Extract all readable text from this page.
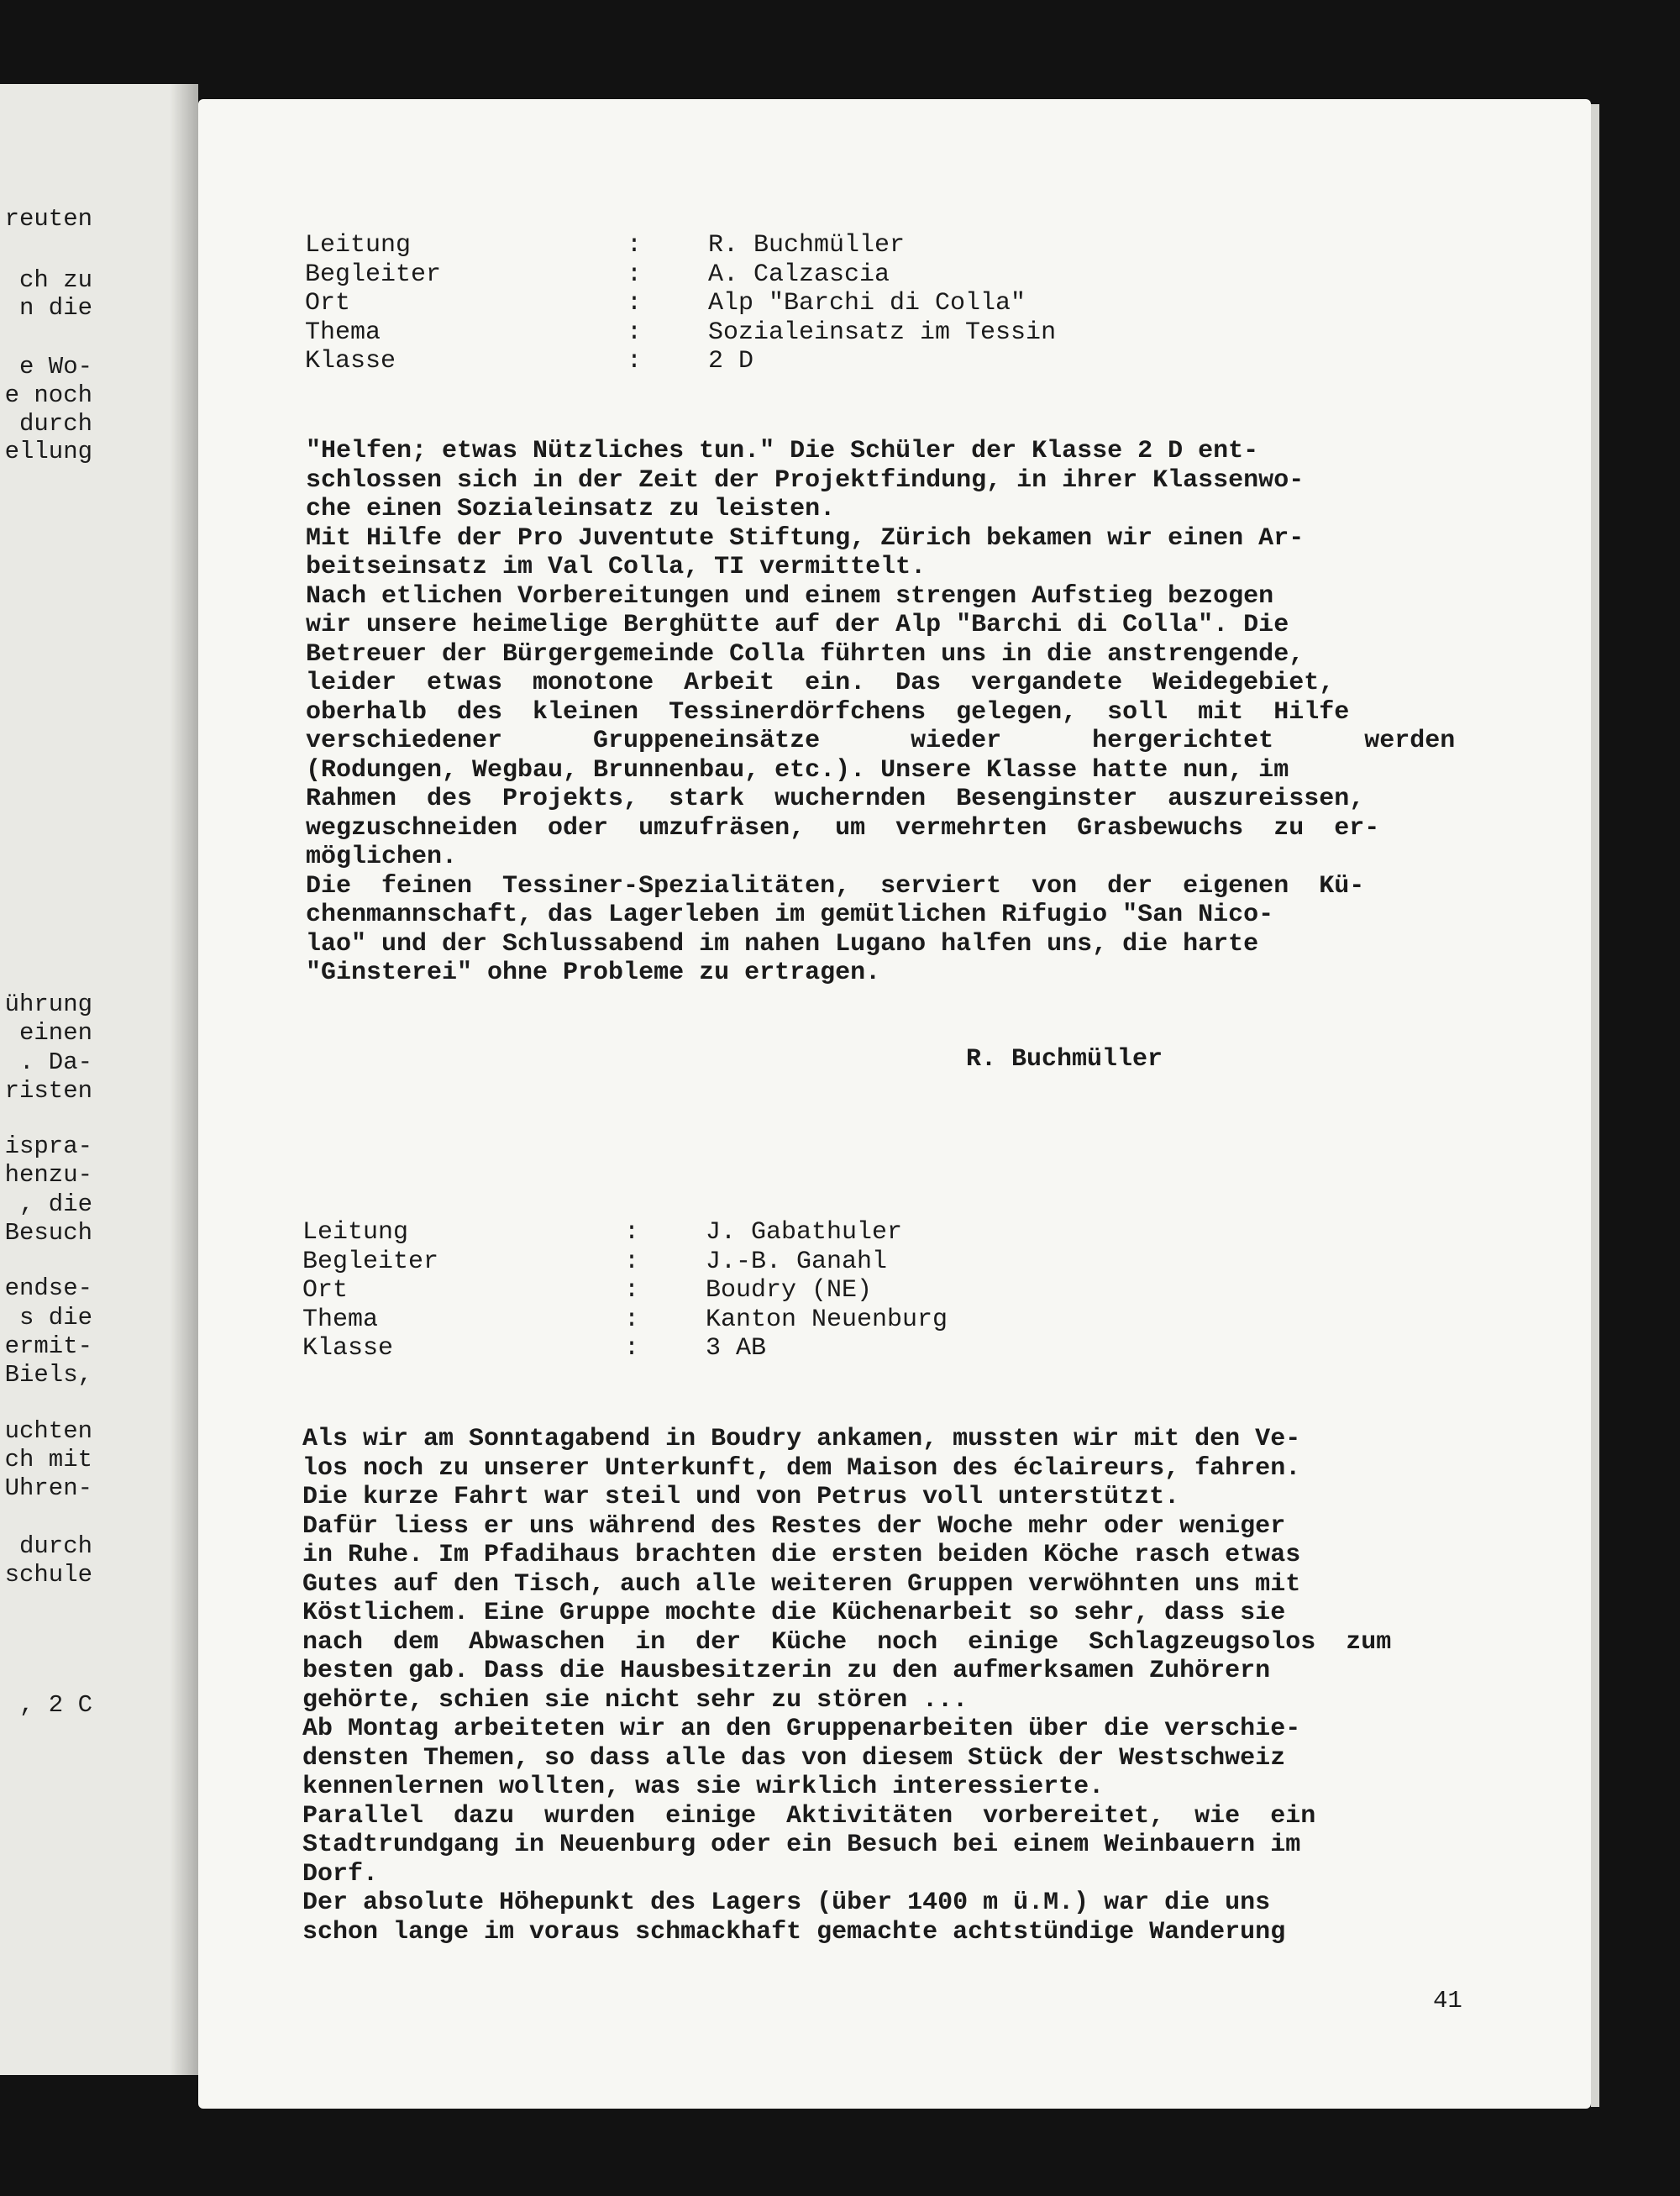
reuten
ch zu
n die
e Wo-
e noch
durch
ellung
ührung
einen
. Da-
risten
ispra-
henzu-
, die
Besuch
endse-
s die
ermit-
Biels,
uchten
ch mit
Uhren-
durch
schule
, 2 C
Leitung	:	R. Buchmüller
Begleiter	:	A. Calzascia
Ort	:	Alp "Barchi di Colla"
Thema	:	Sozialeinsatz im Tessin
Klasse	:	2 D
"Helfen; etwas Nützliches tun." Die Schüler der Klasse 2 D ent-
schlossen sich in der Zeit der Projektfindung, in ihrer Klassenwo-
che einen Sozialeinsatz zu leisten.
Mit Hilfe der Pro Juventute Stiftung, Zürich bekamen wir einen Ar-
beitseinsatz im Val Colla, TI vermittelt.
Nach etlichen Vorbereitungen und einem strengen Aufstieg bezogen
wir unsere heimelige Berghütte auf der Alp "Barchi di Colla". Die
Betreuer der Bürgergemeinde Colla führten uns in die anstrengende,
leider  etwas  monotone  Arbeit  ein.  Das  vergandete  Weidegebiet,
oberhalb  des  kleinen  Tessinerdörfchens  gelegen,  soll  mit  Hilfe
verschiedener      Gruppeneinsätze      wieder      hergerichtet      werden
(Rodungen, Wegbau, Brunnenbau, etc.). Unsere Klasse hatte nun, im
Rahmen  des  Projekts,  stark  wuchernden  Besenginster  auszureissen,
wegzuschneiden  oder  umzufräsen,  um  vermehrten  Grasbewuchs  zu  er-
möglichen.
Die  feinen  Tessiner-Spezialitäten,  serviert  von  der  eigenen  Kü-
chenmannschaft, das Lagerleben im gemütlichen Rifugio "San Nico-
lao" und der Schlussabend im nahen Lugano halfen uns, die harte
"Ginsterei" ohne Probleme zu ertragen.
R. Buchmüller
Leitung	:	J. Gabathuler
Begleiter	:	J.-B. Ganahl
Ort	:	Boudry (NE)
Thema	:	Kanton Neuenburg
Klasse	:	3 AB
Als wir am Sonntagabend in Boudry ankamen, mussten wir mit den Ve-
los noch zu unserer Unterkunft, dem Maison des éclaireurs, fahren.
Die kurze Fahrt war steil und von Petrus voll unterstützt.
Dafür liess er uns während des Restes der Woche mehr oder weniger
in Ruhe. Im Pfadihaus brachten die ersten beiden Köche rasch etwas
Gutes auf den Tisch, auch alle weiteren Gruppen verwöhnten uns mit
Köstlichem. Eine Gruppe mochte die Küchenarbeit so sehr, dass sie
nach  dem  Abwaschen  in  der  Küche  noch  einige  Schlagzeugsolos  zum
besten gab. Dass die Hausbesitzerin zu den aufmerksamen Zuhörern
gehörte, schien sie nicht sehr zu stören ...
Ab Montag arbeiteten wir an den Gruppenarbeiten über die verschie-
densten Themen, so dass alle das von diesem Stück der Westschweiz
kennenlernen wollten, was sie wirklich interessierte.
Parallel  dazu  wurden  einige  Aktivitäten  vorbereitet,  wie  ein
Stadtrundgang in Neuenburg oder ein Besuch bei einem Weinbauern im
Dorf.
Der absolute Höhepunkt des Lagers (über 1400 m ü.M.) war die uns
schon lange im voraus schmackhaft gemachte achtstündige Wanderung
41
